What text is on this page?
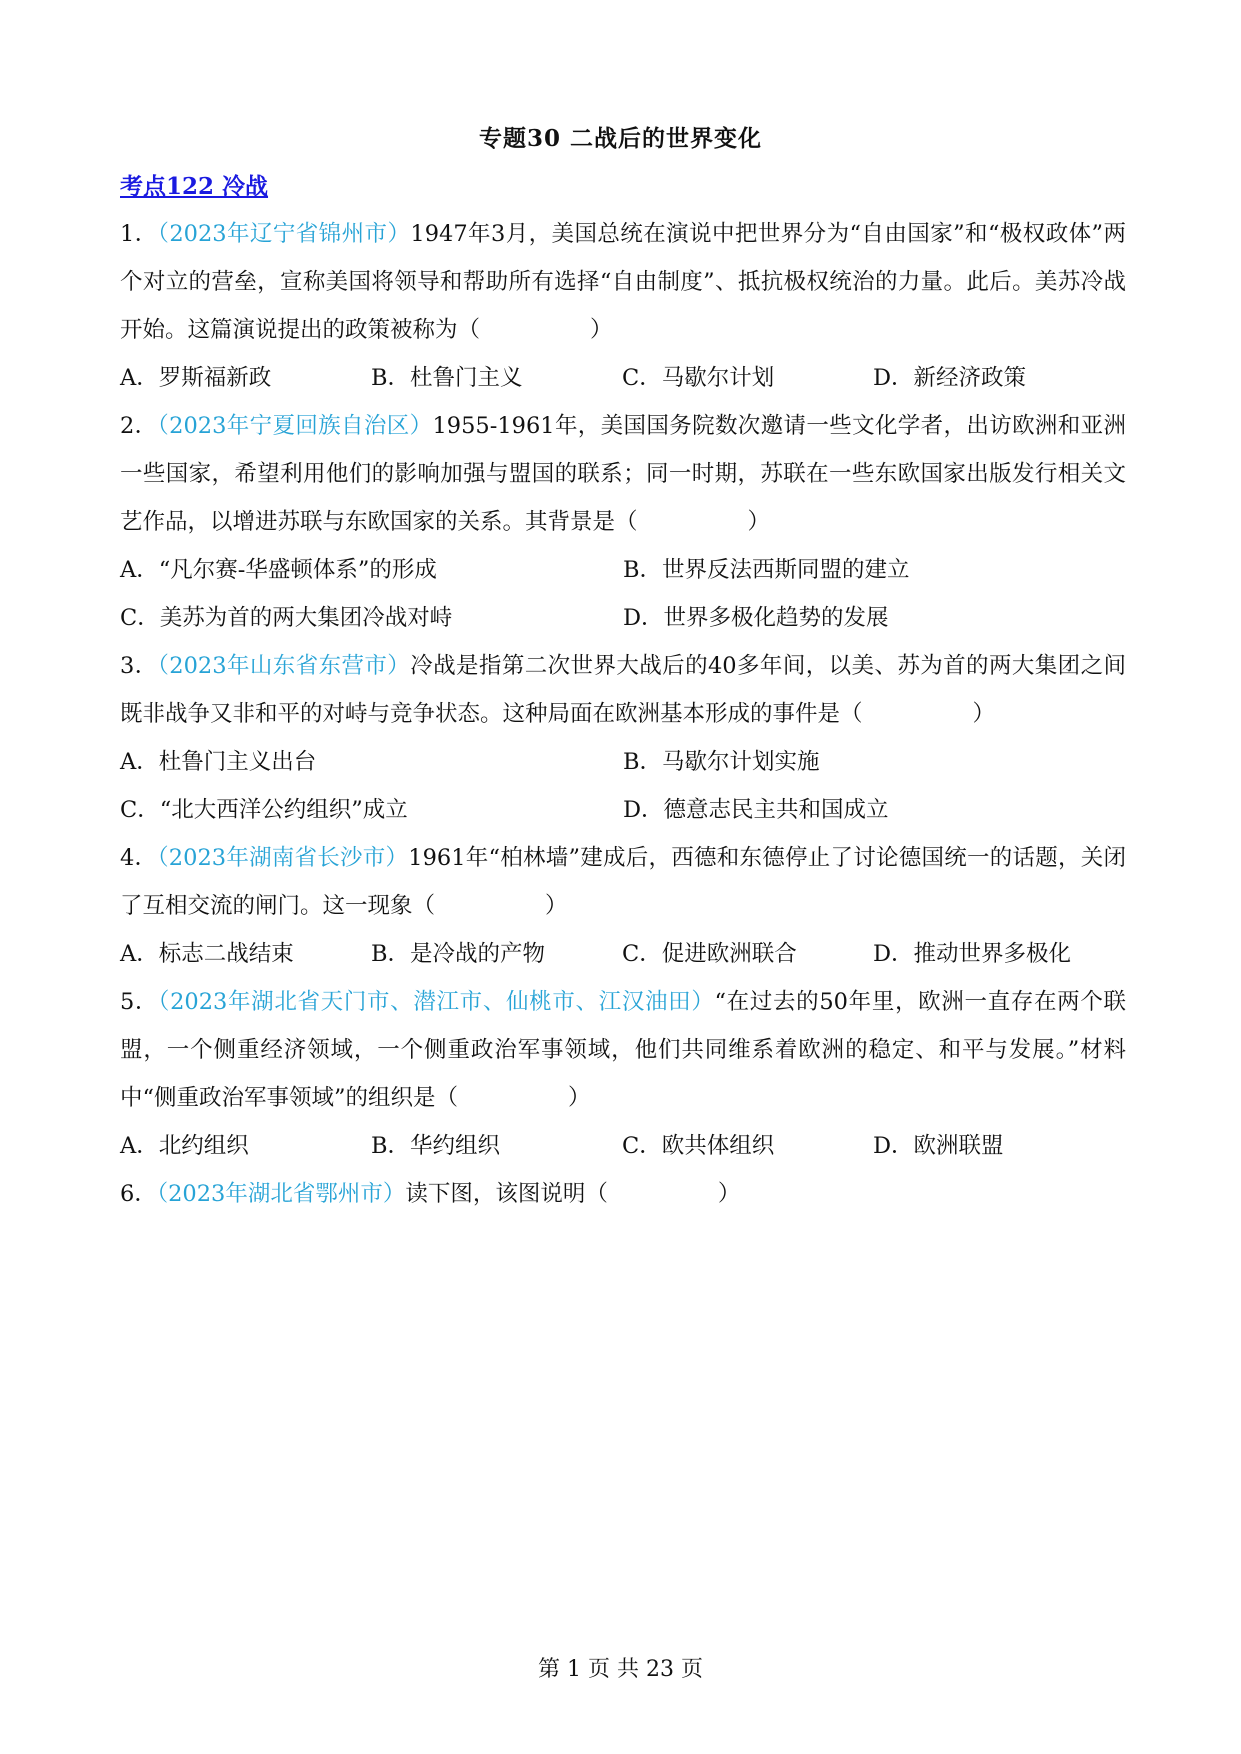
专题30 二战后的世界变化
考点122 冷战
1．（2023年辽宁省锦州市）1947年3月，美国总统在演说中把世界分为“自由国家”和“极权政体”两个对立的营垒，宣称美国将领导和帮助所有选择“自由制度”、抵抗极权统治的力量。此后。美苏冷战开始。这篇演说提出的政策被称为（	）
A．罗斯福新政	B．杜鲁门主义	C．马歇尔计划	D．新经济政策
2．（2023年宁夏回族自治区）1955-1961年，美国国务院数次邀请一些文化学者，出访欧洲和亚洲一些国家，希望利用他们的影响加强与盟国的联系；同一时期，苏联在一些东欧国家出版发行相关文艺作品，以增进苏联与东欧国家的关系。其背景是（	）
A．“凡尔赛-华盛顿体系”的形成	B．世界反法西斯同盟的建立
C．美苏为首的两大集团冷战对峙	D．世界多极化趋势的发展
3．（2023年山东省东营市）冷战是指第二次世界大战后的40多年间，以美、苏为首的两大集团之间既非战争又非和平的对峙与竞争状态。这种局面在欧洲基本形成的事件是（	）
A．杜鲁门主义出台	B．马歇尔计划实施
C．“北大西洋公约组织”成立	D．德意志民主共和国成立
4．（2023年湖南省长沙市）1961年“柏林墙”建成后，西德和东德停止了讨论德国统一的话题，关闭了互相交流的闸门。这一现象（	）
A．标志二战结束	B．是冷战的产物	C．促进欧洲联合	D．推动世界多极化
5．（2023年湖北省天门市、潜江市、仙桃市、江汉油田）“在过去的50年里，欧洲一直存在两个联盟，一个侧重经济领域，一个侧重政治军事领域，他们共同维系着欧洲的稳定、和平与发展。”材料中“侧重政治军事领域”的组织是（	）
A．北约组织	B．华约组织	C．欧共体组织	D．欧洲联盟
6．（2023年湖北省鄂州市）读下图，该图说明（	）
第 1 页 共 23 页
